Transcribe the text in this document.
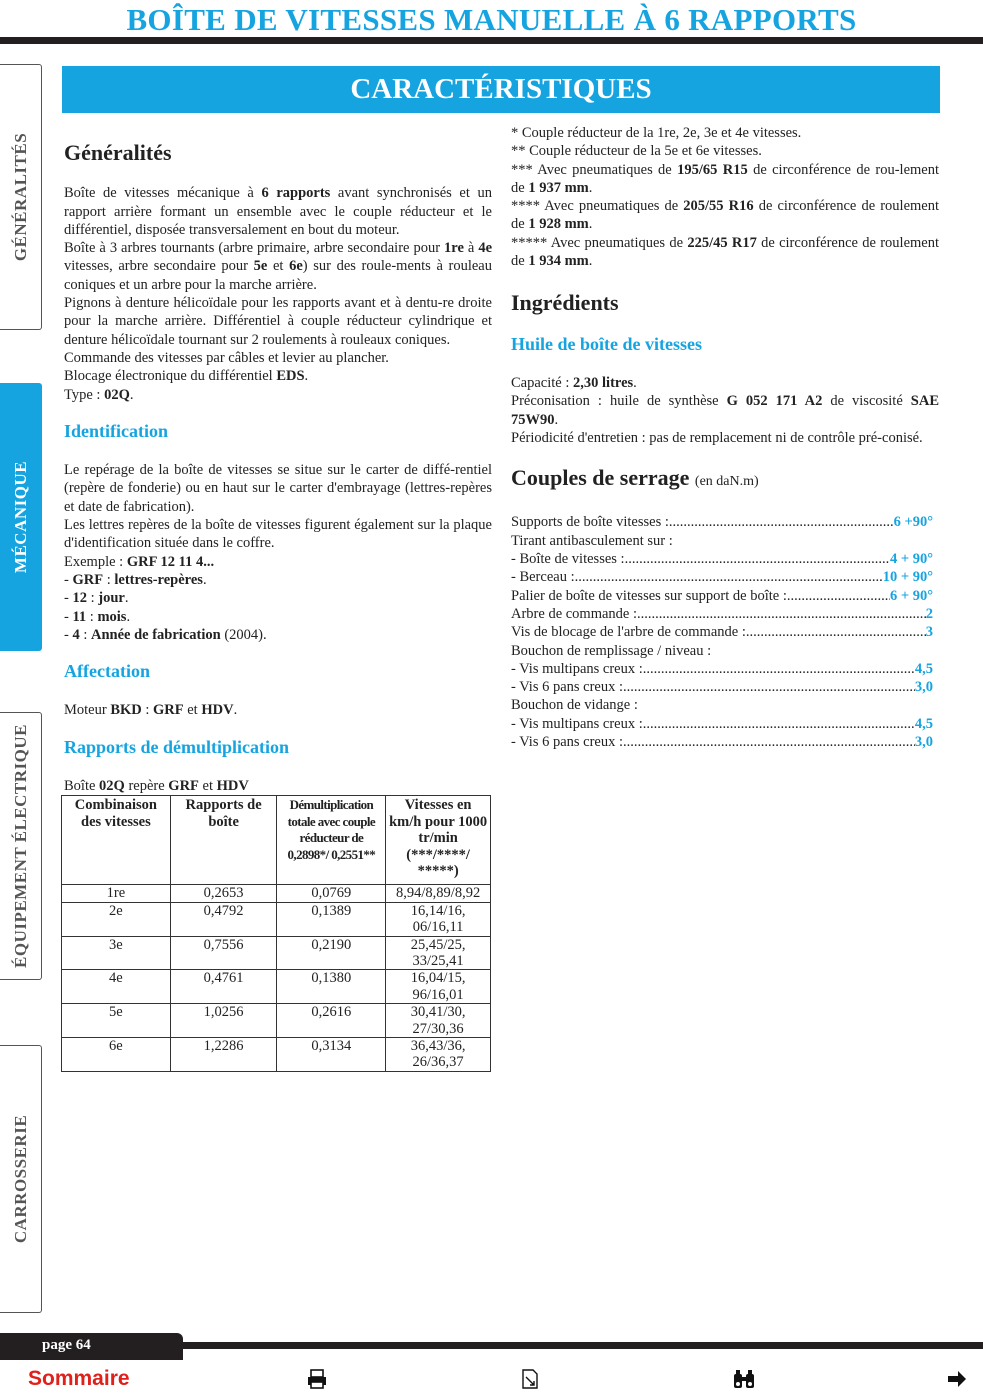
BOÎTE DE VITESSES MANUELLE À 6 RAPPORTS
GÉNÉRALITÉS
MÉCANIQUE
ÉQUIPEMENT ÉLECTRIQUE
CARROSSERIE
CARACTÉRISTIQUES
Généralités

Boîte de vitesses mécanique à 6 rapports avant synchronisés et un rapport arrière formant un ensemble avec le couple réducteur et le différentiel, disposée transversalement en bout du moteur.

Boîte à 3 arbres tournants (arbre primaire, arbre secondaire pour 1re à 4e vitesses, arbre secondaire pour 5e et 6e) sur des roule-ments à rouleau coniques et un arbre pour la marche arrière.

Pignons à denture hélicoïdale pour les rapports avant et à dentu-re droite pour la marche arrière. Différentiel à couple réducteur cylindrique et denture hélicoïdale tournant sur 2 roulements à rouleaux coniques.

Commande des vitesses par câbles et levier au plancher.

Blocage électronique du différentiel EDS.

Type : 02Q.

Identification

Le repérage de la boîte de vitesses se situe sur le carter de diffé-rentiel (repère de fonderie) ou en haut sur le carter d'embrayage (lettres-repères et date de fabrication).

Les lettres repères de la boîte de vitesses figurent également sur la plaque d'identification située dans le coffre.

Exemple : GRF 12 11 4...

- GRF : lettres-repères.

- 12 : jour.

- 11 : mois.

- 4 : Année de fabrication (2004).

Affectation

Moteur BKD : GRF et HDV.

Rapports de démultiplication

Boîte 02Q repère GRF et HDV

Combinaison des vitesses	Rapports de boîte	Démultiplication totale avec couple réducteur de 0,2898*/ 0,2551**	Vitesses en km/h pour 1000 tr/min (***/****/ *****)
1re	0,2653	0,0769	8,94/8,89/8,92
2e	0,4792	0,1389	16,14/16, 06/16,11
3e	0,7556	0,2190	25,45/25, 33/25,41
4e	0,4761	0,1380	16,04/15, 96/16,01
5e	1,0256	0,2616	30,41/30, 27/30,36
6e	1,2286	0,3134	36,43/36, 26/36,37

* Couple réducteur de la 1re, 2e, 3e et 4e vitesses.

** Couple réducteur de la 5e et 6e vitesses.

*** Avec pneumatiques de 195/65 R15 de circonférence de rou-lement de 1 937 mm.

**** Avec pneumatiques de 205/55 R16 de circonférence de roulement de 1 928 mm.

***** Avec pneumatiques de 225/45 R17 de circonférence de roulement de 1 934 mm.

Ingrédients
Huile de boîte de vitesses

Capacité : 2,30 litres.

Préconisation : huile de synthèse G 052 171 A2 de viscosité SAE 75W90.

Périodicité d'entretien : pas de remplacement ni de contrôle pré-conisé.

Couples de serrage (en daN.m)
Supports de boîte vitesses : .....	6 +90°
Tirant antibasculement sur :
- Boîte de vitesses : .....	4 + 90°
- Berceau : .....	10 + 90°
Palier de boîte de vitesses sur support de boîte : .....	6 + 90°
Arbre de commande : .....	2
Vis de blocage de l'arbre de commande : .....	3
Bouchon de remplissage / niveau :
- Vis multipans creux : .....	4,5
- Vis 6 pans creux : .....	3,0
Bouchon de vidange :
- Vis multipans creux : .....	4,5
- Vis 6 pans creux : .....	3,0
page 64
Sommaire
